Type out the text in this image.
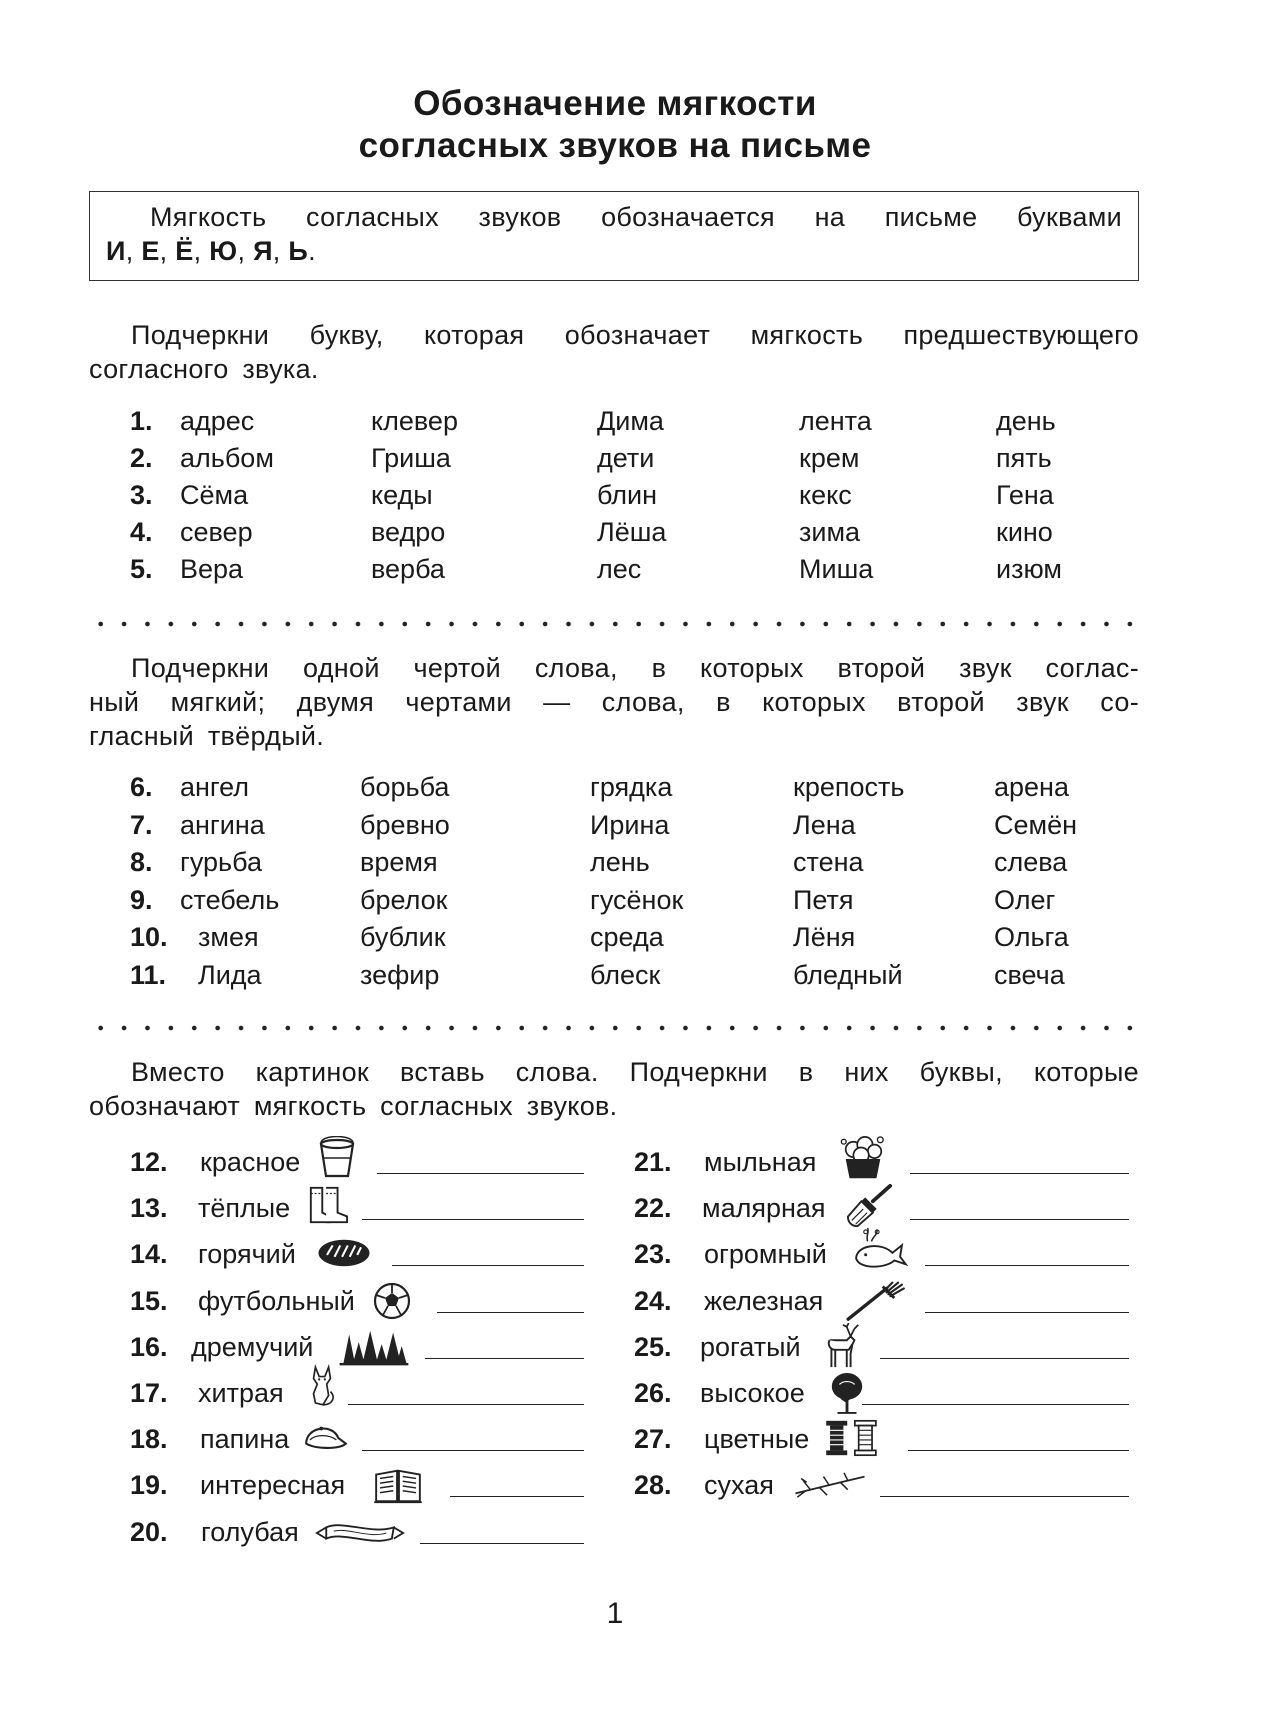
Обозначение мягкости
согласных звуков на письме
Мягкость согласных звуков обозначается на письме буквами
И, Е, Ё, Ю, Я, Ь.
Подчеркни букву, которая обозначает мягкость предшествующего
согласного звука.
1. адрес	клевер	Дима	лента	день
2. альбом	Гриша	дети	крем	пять
3. Сёма	кеды	блин	кекс	Гена
4. север	ведро	Лёша	зима	кино
5. Вера	верба	лес	Миша	изюм
Подчеркни одной чертой слова, в которых второй звук соглас-
ный мягкий; двумя чертами — слова, в которых второй звук со-
гласный твёрдый.
6. ангел	борьба	грядка	крепость	арена
7. ангина	бревно	Ирина	Лена	Семён
8. гурьба	время	лень	стена	слева
9. стебель	брелок	гусёнок	Петя	Олег
10. змея	бублик	среда	Лёня	Ольга
11. Лида	зефир	блеск	бледный	свеча
Вместо картинок вставь слова. Подчеркни в них буквы, которые
обозначают мягкость согласных звуков.
12. красное
13. тёплые
14. горячий
15. футбольный
16. дремучий
17. хитрая
18. папина
19. интересная
20. голубая
21. мыльная
22. малярная
23. огромный
24. железная
25. рогатый
26. высокое
27. цветные
28. сухая
1
